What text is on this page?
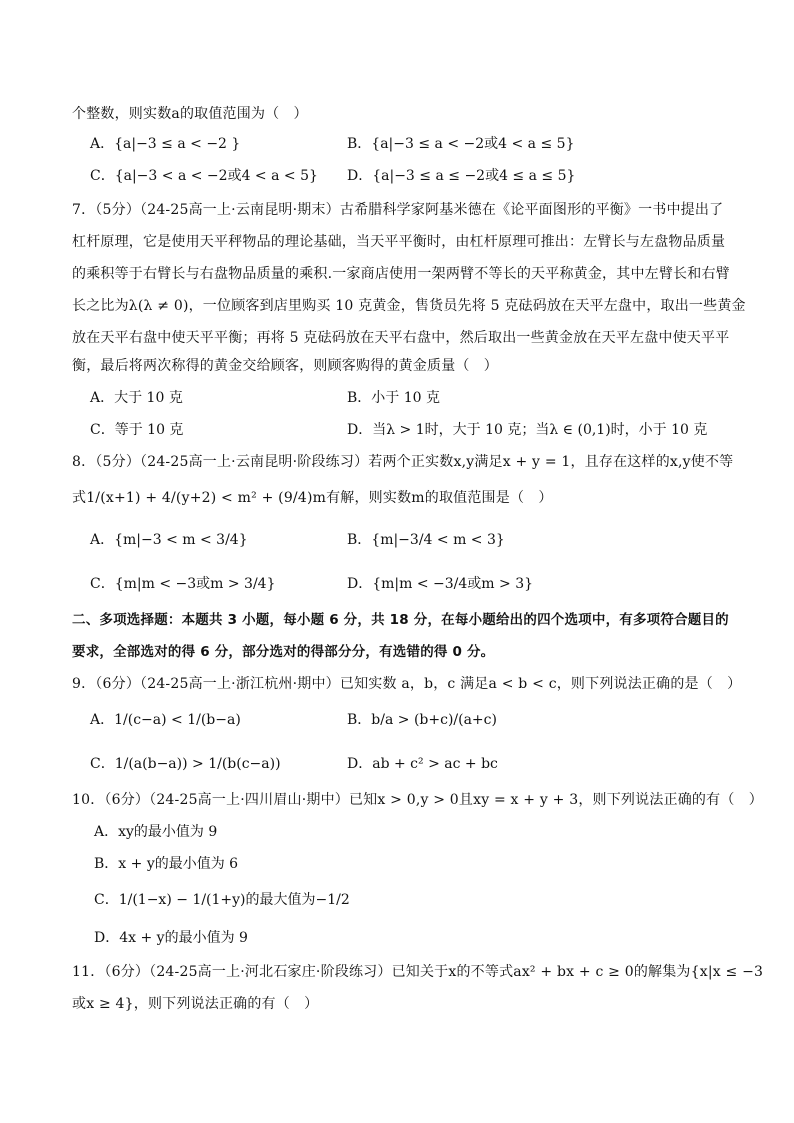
个整数，则实数a的取值范围为（　）
A．{a|−3 ≤ a < −2 }	B．{a|−3 ≤ a < −2或4 < a ≤ 5}
C．{a|−3 < a < −2或4 < a < 5} D．{a|−3 ≤ a ≤ −2或4 ≤ a ≤ 5}
7．（5分）（24-25高一上·云南昆明·期末）古希腊科学家阿基米德在《论平面图形的平衡》一书中提出了
杠杆原理，它是使用天平秤物品的理论基础，当天平平衡时，由杠杆原理可推出：左臂长与左盘物品质量
的乘积等于右臂长与右盘物品质量的乘积.一家商店使用一架两臂不等长的天平称黄金，其中左臂长和右臂
长之比为λ(λ ≠ 0)，一位顾客到店里购买 10 克黄金，售货员先将 5 克砝码放在天平左盘中，取出一些黄金
放在天平右盘中使天平平衡；再将 5 克砝码放在天平右盘中，然后取出一些黄金放在天平左盘中使天平平
衡，最后将两次称得的黄金交给顾客，则顾客购得的黄金质量（　）
A．大于 10 克	B．小于 10 克
C．等于 10 克	D．当λ > 1时，大于 10 克；当λ ∈ (0,1)时，小于 10 克
8．（5分）（24-25高一上·云南昆明·阶段练习）若两个正实数x,y满足x + y = 1，且存在这样的x,y使不等
式1/(x+1) + 4/(y+2) < m² + (9/4)m有解，则实数m的取值范围是（　）
A．{m|−3 < m < 3/4}	B．{m|−3/4 < m < 3}
C．{m|m < −3或m > 3/4}	D．{m|m < −3/4或m > 3}
二、多项选择题：本题共 3 小题，每小题 6 分，共 18 分，在每小题给出的四个选项中，有多项符合题目的
要求，全部选对的得 6 分，部分选对的得部分分，有选错的得 0 分。
9．（6分）（24-25高一上·浙江杭州·期中）已知实数 a，b，c 满足a < b < c，则下列说法正确的是（　）
A．1/(c−a) < 1/(b−a)	B．b/a > (b+c)/(a+c)
C．1/(a(b−a)) > 1/(b(c−a))	D．ab + c² > ac + bc
10．（6分）（24-25高一上·四川眉山·期中）已知x > 0,y > 0且xy = x + y + 3，则下列说法正确的有（　）
A．xy的最小值为 9
B．x + y的最小值为 6
C．1/(1−x) − 1/(1+y)的最大值为−1/2
D．4x + y的最小值为 9
11．（6分）（24-25高一上·河北石家庄·阶段练习）已知关于x的不等式ax² + bx + c ≥ 0的解集为{x|x ≤ −3
或x ≥ 4}，则下列说法正确的有（　）
